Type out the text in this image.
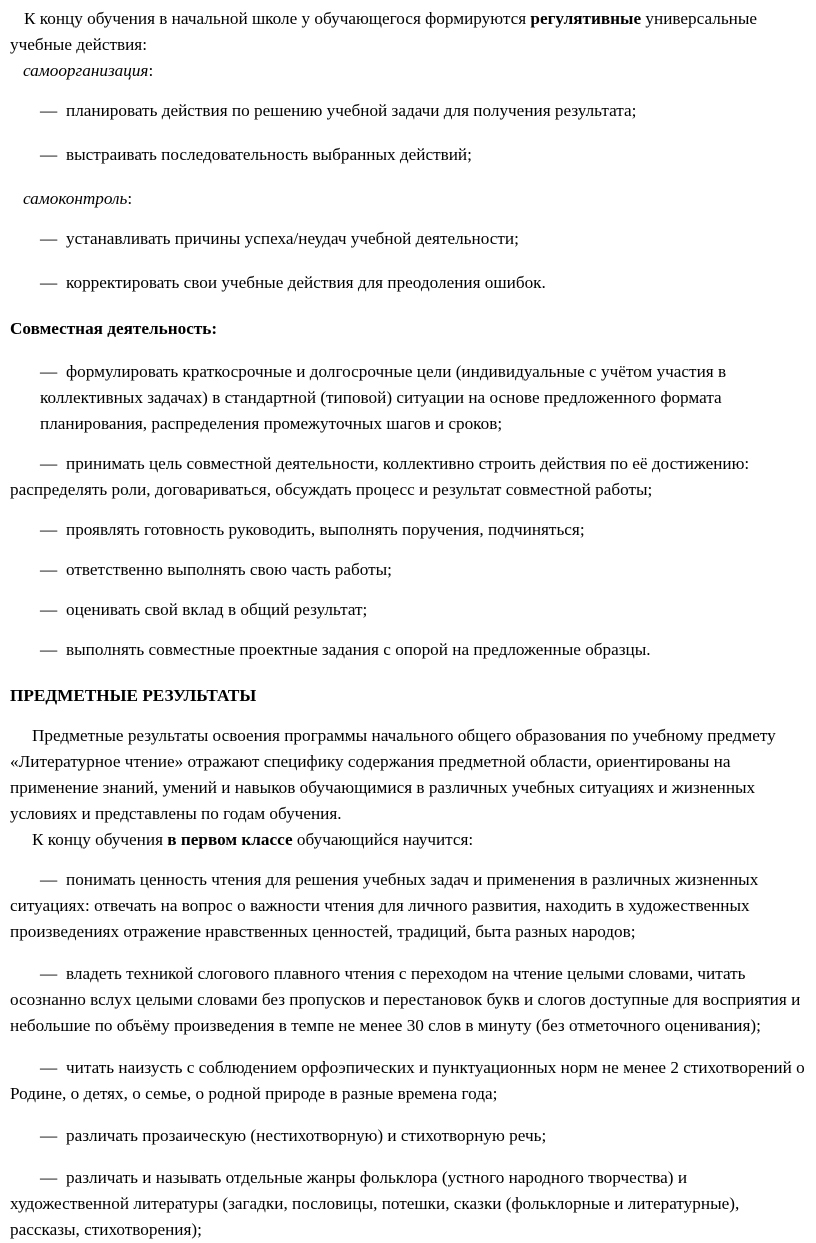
К концу обучения в начальной школе у обучающегося формируются регулятивные универсальные учебные действия:

самоорганизация:

— планировать действия по решению учебной задачи для получения результата;

— выстраивать последовательность выбранных действий;

самоконтроль:

— устанавливать причины успеха/неудач учебной деятельности;

— корректировать свои учебные действия для преодоления ошибок.

Совместная деятельность:

— формулировать краткосрочные и долгосрочные цели (индивидуальные с учётом участия в коллективных задачах) в стандартной (типовой) ситуации на основе предложенного формата планирования, распределения промежуточных шагов и сроков;

— принимать цель совместной деятельности, коллективно строить действия по её достижению: распределять роли, договариваться, обсуждать процесс и результат совместной работы;

— проявлять готовность руководить, выполнять поручения, подчиняться;

— ответственно выполнять свою часть работы;

— оценивать свой вклад в общий результат;

— выполнять совместные проектные задания с опорой на предложенные образцы.

ПРЕДМЕТНЫЕ РЕЗУЛЬТАТЫ

Предметные результаты освоения программы начального общего образования по учебному предмету «Литературное чтение» отражают специфику содержания предметной области, ориентированы на применение знаний, умений и навыков обучающимися в различных учебных ситуациях и жизненных условиях и представлены по годам обучения.

К концу обучения в первом классе обучающийся научится:

— понимать ценность чтения для решения учебных задач и применения в различных жизненных ситуациях: отвечать на вопрос о важности чтения для личного развития, находить в художественных произведениях отражение нравственных ценностей, традиций, быта разных народов;

— владеть техникой слогового плавного чтения с переходом на чтение целыми словами, читать осознанно вслух целыми словами без пропусков и перестановок букв и слогов доступные для восприятия и небольшие по объёму произведения в темпе не менее 30 слов в минуту (без отметочного оценивания);

— читать наизусть с соблюдением орфоэпических и пунктуационных норм не менее 2 стихотворений о Родине, о детях, о семье, о родной природе в разные времена года;

— различать прозаическую (нестихотворную) и стихотворную речь;

— различать и называть отдельные жанры фольклора (устного народного творчества) и художественной литературы (загадки, пословицы, потешки, сказки (фольклорные и литературные), рассказы, стихотворения);
